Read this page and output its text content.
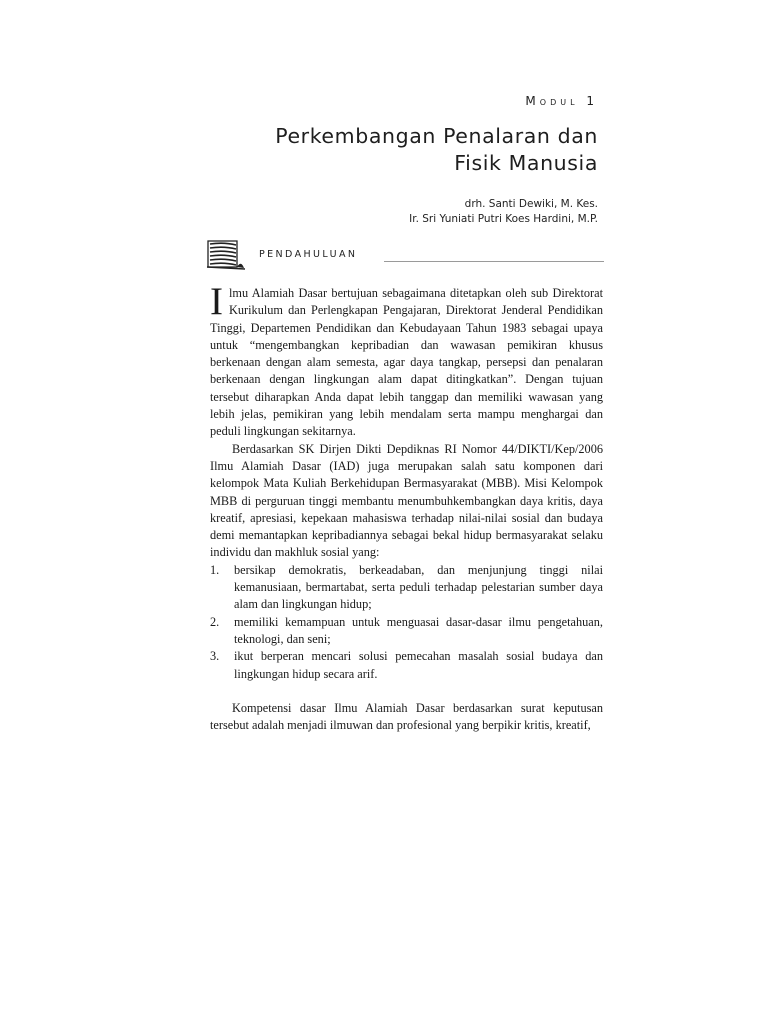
Modul 1
Perkembangan Penalaran dan
Fisik Manusia
drh. Santi Dewiki, M. Kes.
Ir. Sri Yuniati Putri Koes Hardini, M.P.
PENDAHULUAN

Ilmu Alamiah Dasar bertujuan sebagaimana ditetapkan oleh sub Direktorat Kurikulum dan Perlengkapan Pengajaran, Direktorat Jenderal Pendidikan Tinggi, Departemen Pendidikan dan Kebudayaan Tahun 1983 sebagai upaya untuk “mengembangkan kepribadian dan wawasan pemikiran khusus berkenaan dengan alam semesta, agar daya tangkap, persepsi dan penalaran berkenaan dengan lingkungan alam dapat ditingkatkan”. Dengan tujuan tersebut diharapkan Anda dapat lebih tanggap dan memiliki wawasan yang lebih jelas, pemikiran yang lebih mendalam serta mampu menghargai dan peduli lingkungan sekitarnya.

Berdasarkan SK Dirjen Dikti Depdiknas RI Nomor 44/DIKTI/Kep/2006 Ilmu Alamiah Dasar (IAD) juga merupakan salah satu komponen dari kelompok Mata Kuliah Berkehidupan Bermasyarakat (MBB). Misi Kelompok MBB di perguruan tinggi membantu menumbuhkembangkan daya kritis, daya kreatif, apresiasi, kepekaan mahasiswa terhadap nilai-nilai sosial dan budaya demi memantapkan kepribadiannya sebagai bekal hidup bermasyarakat selaku individu dan makhluk sosial yang:

1. bersikap demokratis, berkeadaban, dan menjunjung tinggi nilai kemanusiaan, bermartabat, serta peduli terhadap pelestarian sumber daya alam dan lingkungan hidup;
2. memiliki kemampuan untuk menguasai dasar-dasar ilmu pengetahuan, teknologi, dan seni;
3. ikut berperan mencari solusi pemecahan masalah sosial budaya dan lingkungan hidup secara arif.

Kompetensi dasar Ilmu Alamiah Dasar berdasarkan surat keputusan tersebut adalah menjadi ilmuwan dan profesional yang berpikir kritis, kreatif,
